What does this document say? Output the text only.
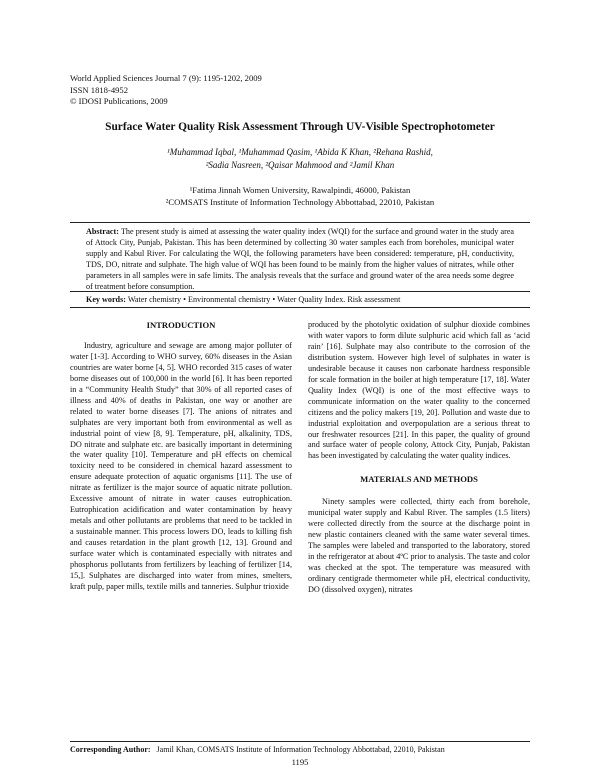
World Applied Sciences Journal 7 (9): 1195-1202, 2009
ISSN 1818-4952
© IDOSI Publications, 2009
Surface Water Quality Risk Assessment Through UV-Visible Spectrophotometer
¹Muhammad Iqbal, ¹Muhammad Qasim, ¹Abida K Khan, ²Rehana Rashid,
²Sadia Nasreen, ²Qaisar Mahmood and ²Jamil Khan
¹Fatima Jinnah Women University, Rawalpindi, 46000, Pakistan
²COMSATS Institute of Information Technology Abbottabad, 22010, Pakistan

Abstract: The present study is aimed at assessing the water quality index (WQI) for the surface and ground water in the study area of Attock City, Punjab, Pakistan. This has been determined by collecting 30 water samples each from boreholes, municipal water supply and Kabul River. For calculating the WQI, the following parameters have been considered: temperature, pH, conductivity, TDS, DO, nitrate and sulphate. The high value of WQI has been found to be mainly from the higher values of nitrates, while other parameters in all samples were in safe limits. The analysis reveals that the surface and ground water of the area needs some degree of treatment before consumption.

Key words: Water chemistry • Environmental chemistry • Water Quality Index. Risk assessment

INTRODUCTION

Industry, agriculture and sewage are among major polluter of water [1-3]. According to WHO survey, 60% diseases in the Asian countries are water borne [4, 5]. WHO recorded 315 cases of water borne diseases out of 100,000 in the world [6]. It has been reported in a “Community Health Study” that 30% of all reported cases of illness and 40% of deaths in Pakistan, one way or another are related to water borne diseases [7]. The anions of nitrates and sulphates are very important both from environmental as well as industrial point of view [8, 9]. Temperature, pH, alkalinity, TDS, DO nitrate and sulphate etc. are basically important in determining the water quality [10]. Temperature and pH effects on chemical toxicity need to be considered in chemical hazard assessment to ensure adequate protection of aquatic organisms [11]. The use of nitrate as fertilizer is the major source of aquatic nitrate pollution. Excessive amount of nitrate in water causes eutrophication. Eutrophication acidification and water contamination by heavy metals and other pollutants are problems that need to be tackled in a sustainable manner. This process lowers DO, leads to killing fish and causes retardation in the plant growth [12, 13]. Ground and surface water which is contaminated especially with nitrates and phosphorus pollutants from fertilizers by leaching of fertilizer [14, 15,]. Sulphates are discharged into water from mines, smelters, kraft pulp, paper mills, textile mills and tanneries. Sulphur trioxide

produced by the photolytic oxidation of sulphur dioxide combines with water vapors to form dilute sulphuric acid which fall as ‘acid rain’ [16]. Sulphate may also contribute to the corrosion of the distribution system. However high level of sulphates in water is undesirable because it causes non carbonate hardness responsible for scale formation in the boiler at high temperature [17, 18]. Water Quality Index (WQI) is one of the most effective ways to communicate information on the water quality to the concerned citizens and the policy makers [19, 20]. Pollution and waste due to industrial exploitation and overpopulation are a serious threat to our freshwater resources [21]. In this paper, the quality of ground and surface water of people colony, Attock City, Punjab, Pakistan has been investigated by calculating the water quality indices.

MATERIALS AND METHODS

Ninety samples were collected, thirty each from borehole, municipal water supply and Kabul River. The samples (1.5 liters) were collected directly from the source at the discharge point in new plastic containers cleaned with the same water several times. The samples were labeled and transported to the laboratory, stored in the refrigerator at about 4ºC prior to analysis. The taste and color was checked at the spot. The temperature was measured with ordinary centigrade thermometer while pH, electrical conductivity, DO (dissolved oxygen), nitrates

Corresponding Author: Jamil Khan, COMSATS Institute of Information Technology Abbottabad, 22010, Pakistan
1195
